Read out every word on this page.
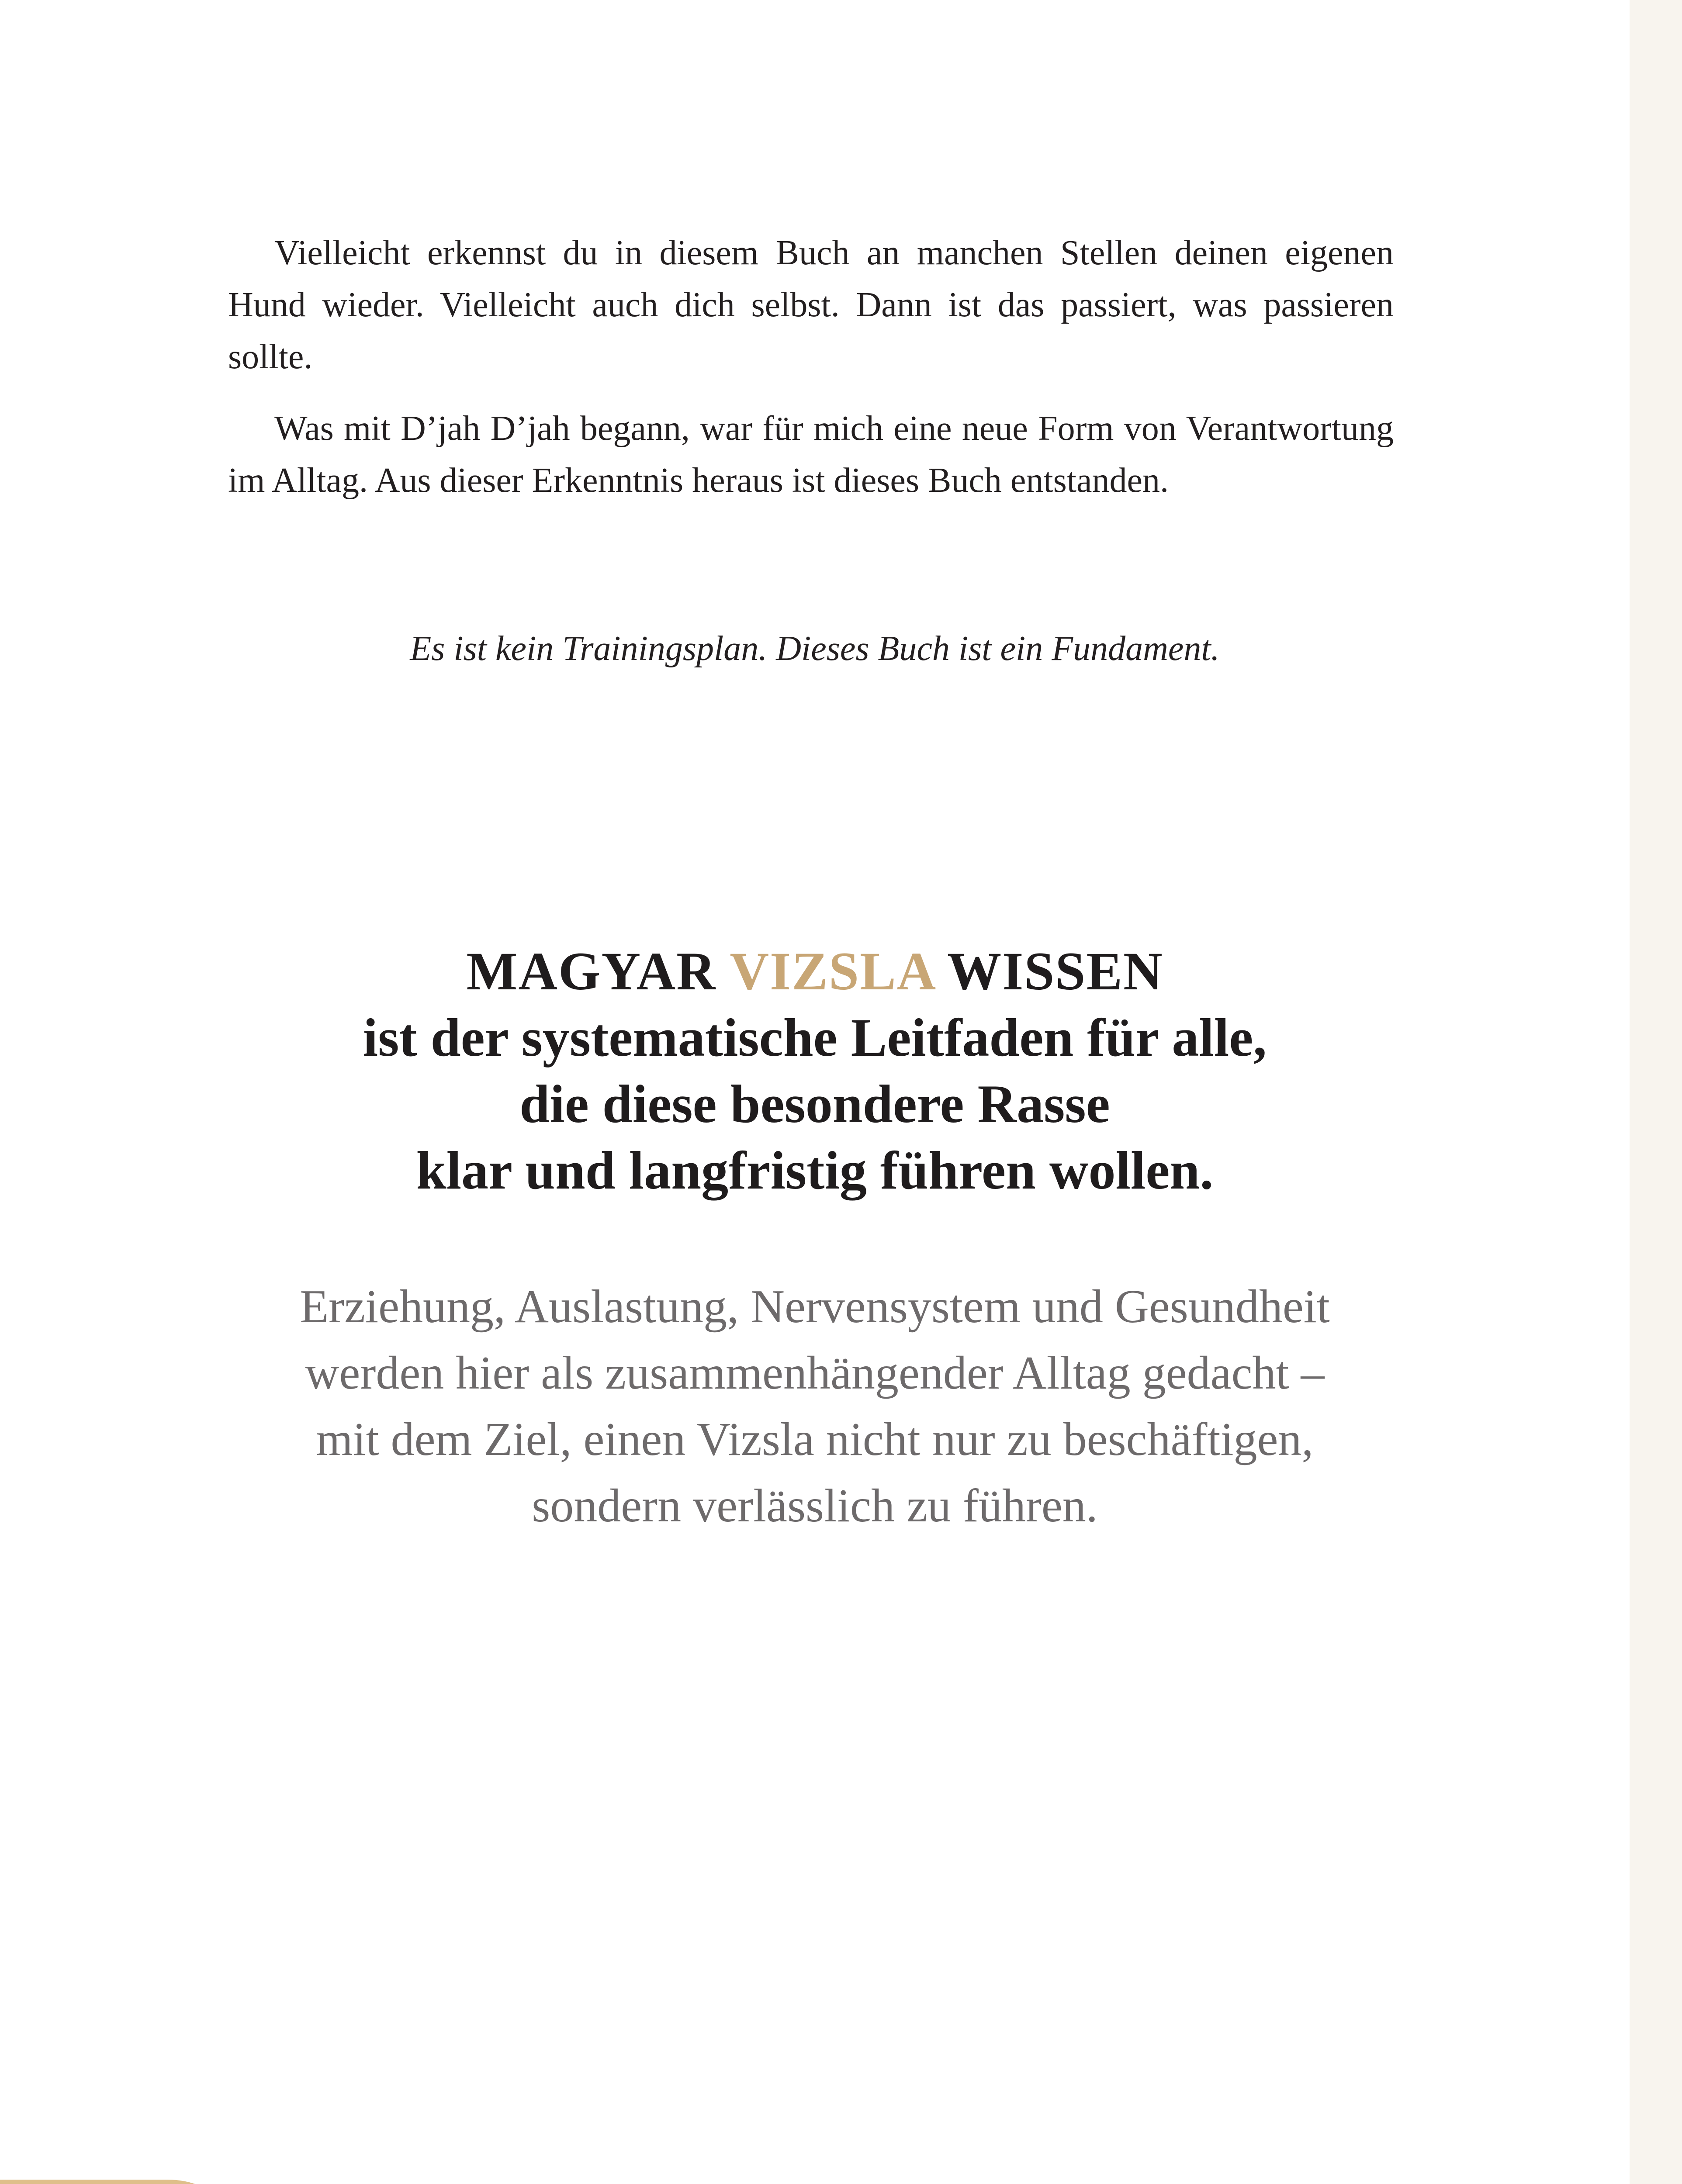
Vielleicht erkennst du in diesem Buch an manchen Stellen deinen eigenen Hund wieder. Vielleicht auch dich selbst. Dann ist das passiert, was passieren sollte.

Was mit D’jah D’jah begann, war für mich eine neue Form von Verantwortung im Alltag. Aus dieser Erkenntnis heraus ist dieses Buch entstanden.

Es ist kein Trainingsplan. Dieses Buch ist ein Fundament.

MAGYAR VIZSLA WISSEN
ist der systematische Leitfaden für alle,
die diese besondere Rasse
klar und langfristig führen wollen.

Erziehung, Auslastung, Nervensystem und Gesundheit
werden hier als zusammenhängender Alltag gedacht –
mit dem Ziel, einen Vizsla nicht nur zu beschäftigen,
sondern verlässlich zu führen.
